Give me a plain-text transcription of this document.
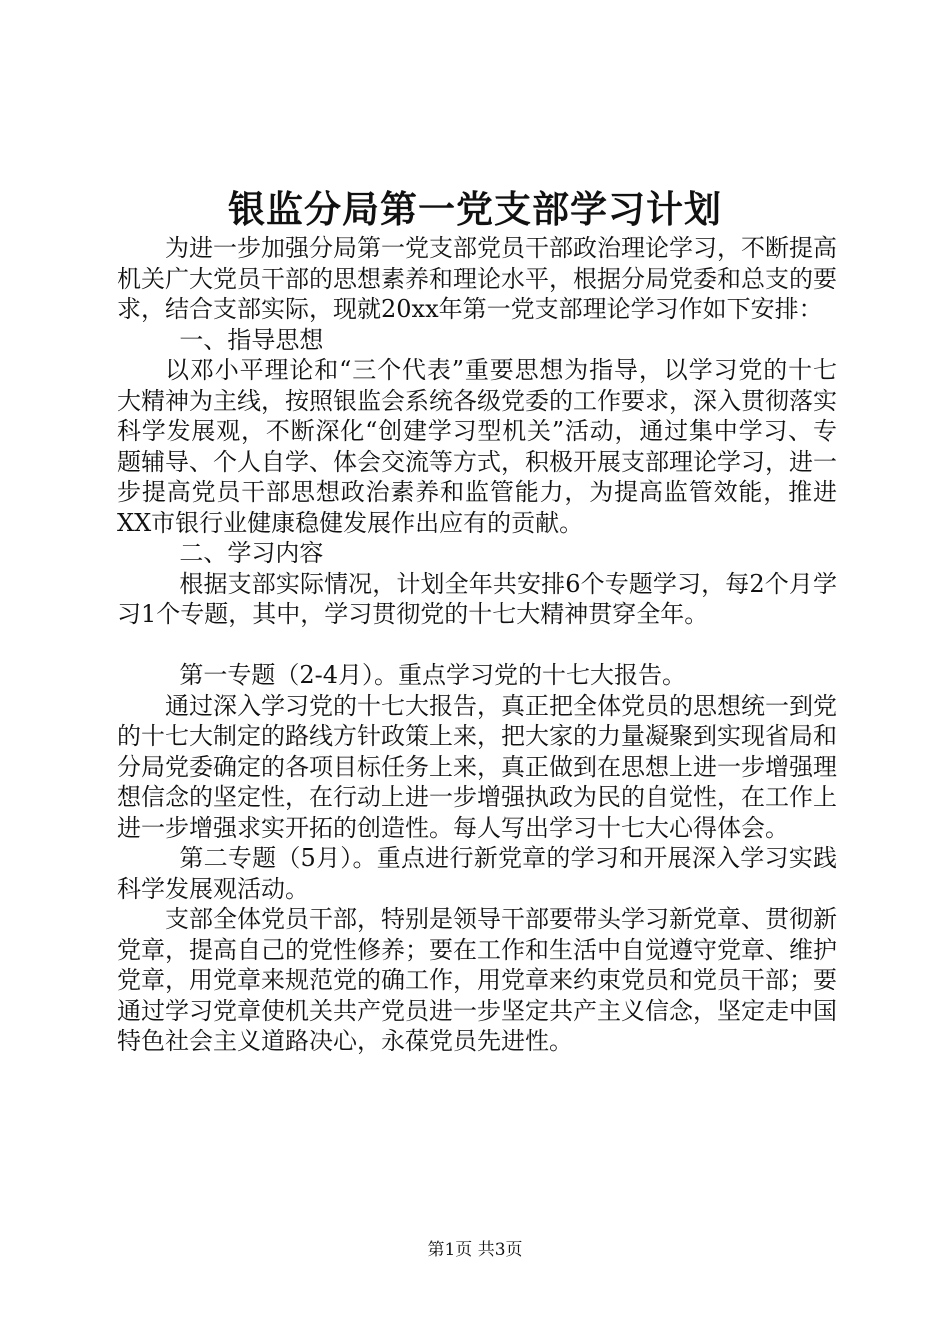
银监分局第一党支部学习计划

为进一步加强分局第一党支部党员干部政治理论学习，不断提高机关广大党员干部的思想素养和理论水平，根据分局党委和总支的要求，结合支部实际，现就20xx年第一党支部理论学习作如下安排：

一、指导思想

以邓小平理论和“三个代表”重要思想为指导，以学习党的十七大精神为主线，按照银监会系统各级党委的工作要求，深入贯彻落实科学发展观，不断深化“创建学习型机关”活动，通过集中学习、专题辅导、个人自学、体会交流等方式，积极开展支部理论学习，进一步提高党员干部思想政治素养和监管能力，为提高监管效能，推进XX市银行业健康稳健发展作出应有的贡献。

二、学习内容

根据支部实际情况，计划全年共安排6个专题学习，每2个月学习1个专题，其中，学习贯彻党的十七大精神贯穿全年。

第一专题（2-4月）。重点学习党的十七大报告。

通过深入学习党的十七大报告，真正把全体党员的思想统一到党的十七大制定的路线方针政策上来，把大家的力量凝聚到实现省局和分局党委确定的各项目标任务上来，真正做到在思想上进一步增强理想信念的坚定性，在行动上进一步增强执政为民的自觉性，在工作上进一步增强求实开拓的创造性。每人写出学习十七大心得体会。

第二专题（5月）。重点进行新党章的学习和开展深入学习实践科学发展观活动。

支部全体党员干部，特别是领导干部要带头学习新党章、贯彻新党章，提高自己的党性修养；要在工作和生活中自觉遵守党章、维护党章，用党章来规范党的确工作，用党章来约束党员和党员干部；要通过学习党章使机关共产党员进一步坚定共产主义信念，坚定走中国特色社会主义道路决心，永葆党员先进性。

第1页 共3页
